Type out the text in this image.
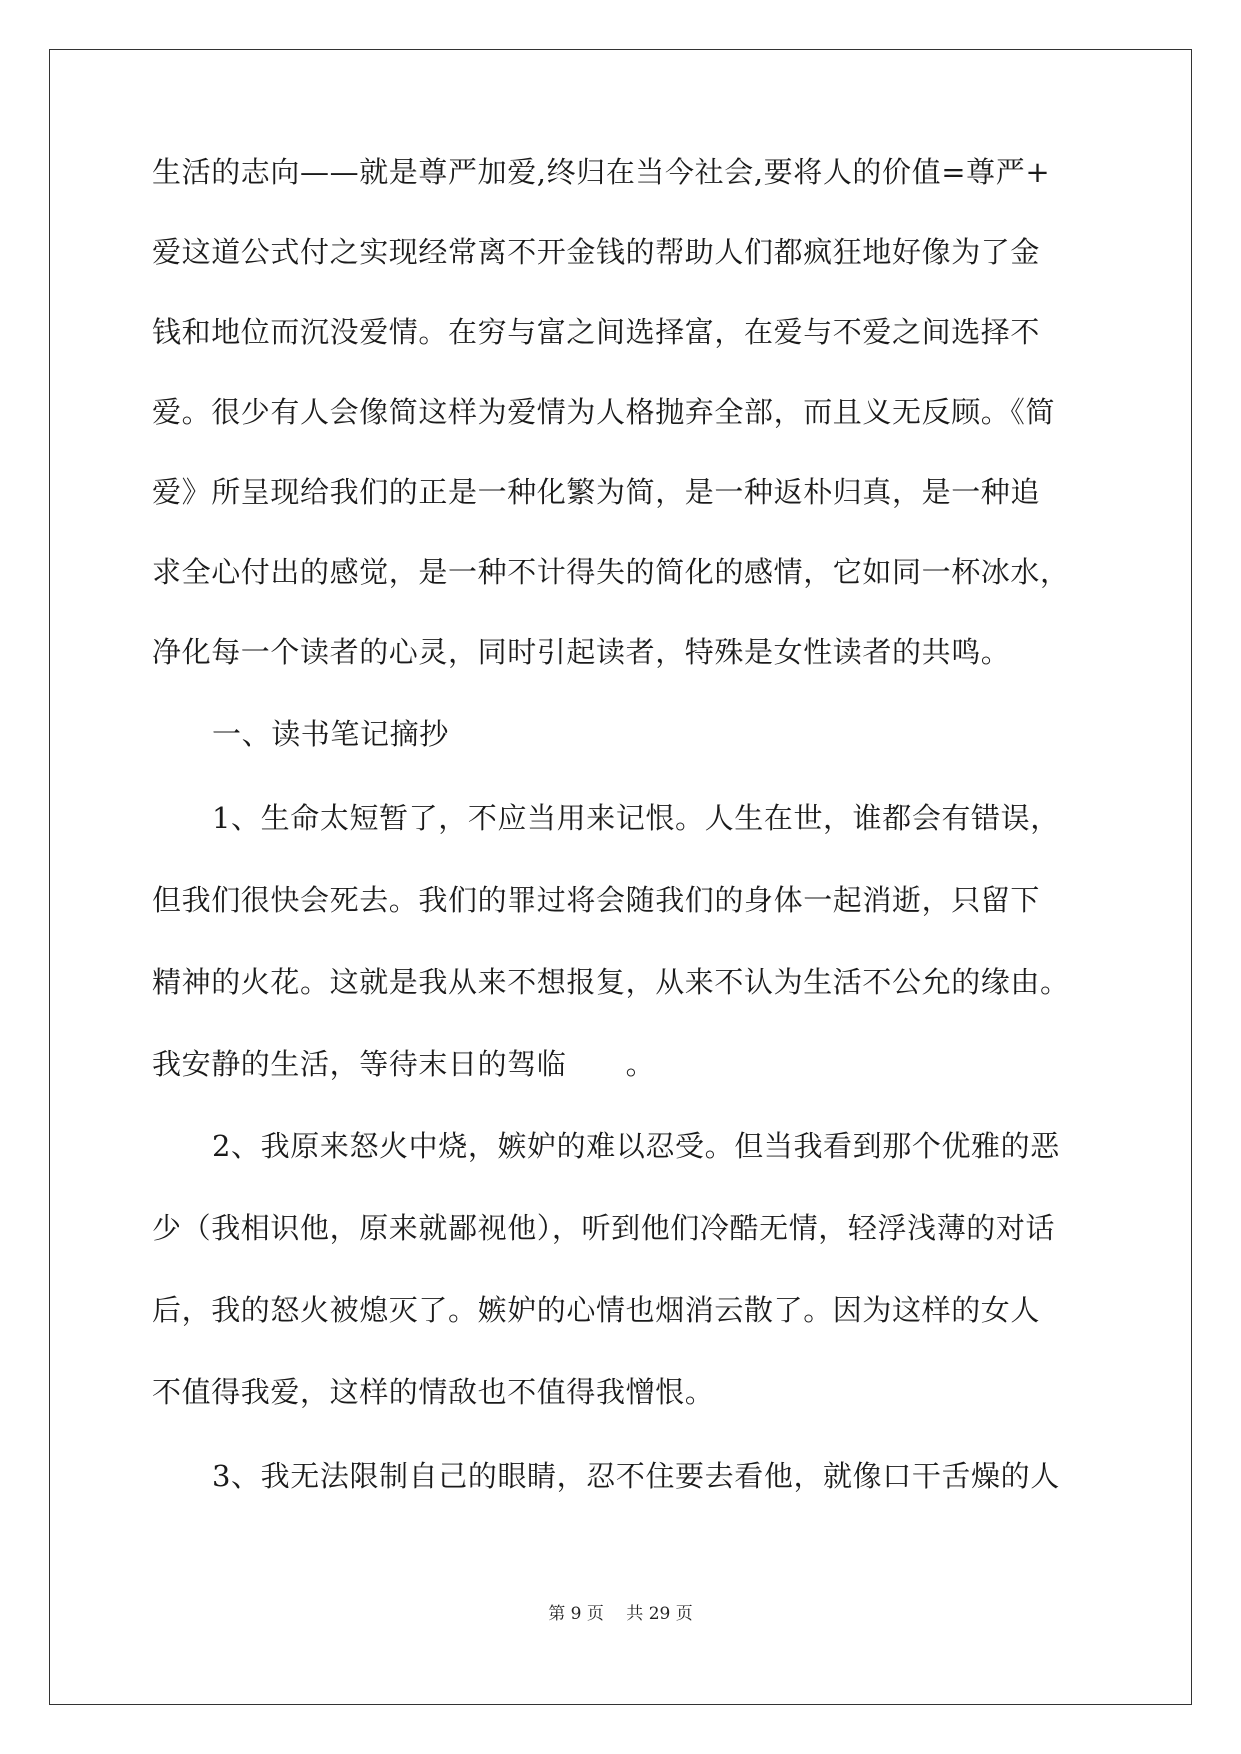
生活的志向——就是尊严加爱,终归在当今社会,要将人的价值=尊严+
爱这道公式付之实现经常离不开金钱的帮助人们都疯狂地好像为了金
钱和地位而沉没爱情。在穷与富之间选择富，在爱与不爱之间选择不
爱。很少有人会像简这样为爱情为人格抛弃全部，而且义无反顾。《简
爱》所呈现给我们的正是一种化繁为简，是一种返朴归真，是一种追
求全心付出的感觉，是一种不计得失的简化的感情，它如同一杯冰水，
净化每一个读者的心灵，同时引起读者，特殊是女性读者的共鸣。
一、读书笔记摘抄
1、生命太短暂了，不应当用来记恨。人生在世，谁都会有错误，
但我们很快会死去。我们的罪过将会随我们的身体一起消逝，只留下
精神的火花。这就是我从来不想报复，从来不认为生活不公允的缘由。
我安静的生活，等待末日的驾临　　。
2、我原来怒火中烧，嫉妒的难以忍受。但当我看到那个优雅的恶
少（我相识他，原来就鄙视他），听到他们冷酷无情，轻浮浅薄的对话
后，我的怒火被熄灭了。嫉妒的心情也烟消云散了。因为这样的女人
不值得我爱，这样的情敌也不值得我憎恨。
3、我无法限制自己的眼睛，忍不住要去看他，就像口干舌燥的人
第 9 页　 共 29 页
